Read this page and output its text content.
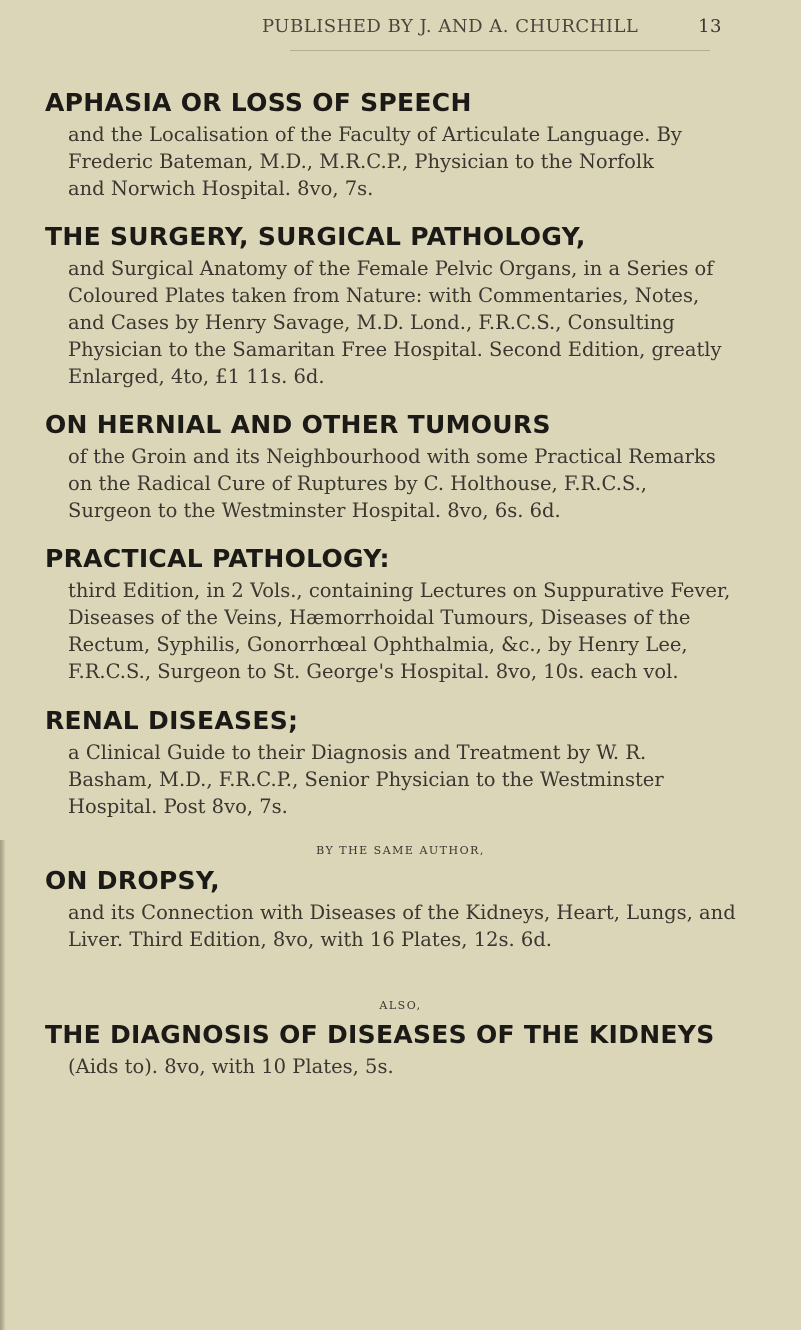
PUBLISHED BY J. AND A. CHURCHILL	13
APHASIA OR LOSS OF SPEECH
and the Localisation of the Faculty of Articulate Language. By
Frederic Bateman, M.D., M.R.C.P., Physician to the Norfolk
and Norwich Hospital. 8vo, 7s.
THE SURGERY, SURGICAL PATHOLOGY,
and Surgical Anatomy of the Female Pelvic Organs, in a Series of
Coloured Plates taken from Nature: with Commentaries, Notes,
and Cases by Henry Savage, M.D. Lond., F.R.C.S., Consulting
Physician to the Samaritan Free Hospital. Second Edition, greatly
Enlarged, 4to, £1 11s. 6d.
ON HERNIAL AND OTHER TUMOURS
of the Groin and its Neighbourhood with some Practical Remarks
on the Radical Cure of Ruptures by C. Holthouse, F.R.C.S.,
Surgeon to the Westminster Hospital. 8vo, 6s. 6d.
PRACTICAL PATHOLOGY:
third Edition, in 2 Vols., containing Lectures on Suppurative Fever,
Diseases of the Veins, Hæmorrhoidal Tumours, Diseases of the
Rectum, Syphilis, Gonorrhœal Ophthalmia, &c., by Henry Lee,
F.R.C.S., Surgeon to St. George's Hospital. 8vo, 10s. each vol.
RENAL DISEASES;
a Clinical Guide to their Diagnosis and Treatment by W. R.
Basham, M.D., F.R.C.P., Senior Physician to the Westminster
Hospital. Post 8vo, 7s.
BY THE SAME AUTHOR,
ON DROPSY,
and its Connection with Diseases of the Kidneys, Heart, Lungs, and
Liver. Third Edition, 8vo, with 16 Plates, 12s. 6d.
ALSO,
THE DIAGNOSIS OF DISEASES OF THE KIDNEYS
(Aids to). 8vo, with 10 Plates, 5s.
